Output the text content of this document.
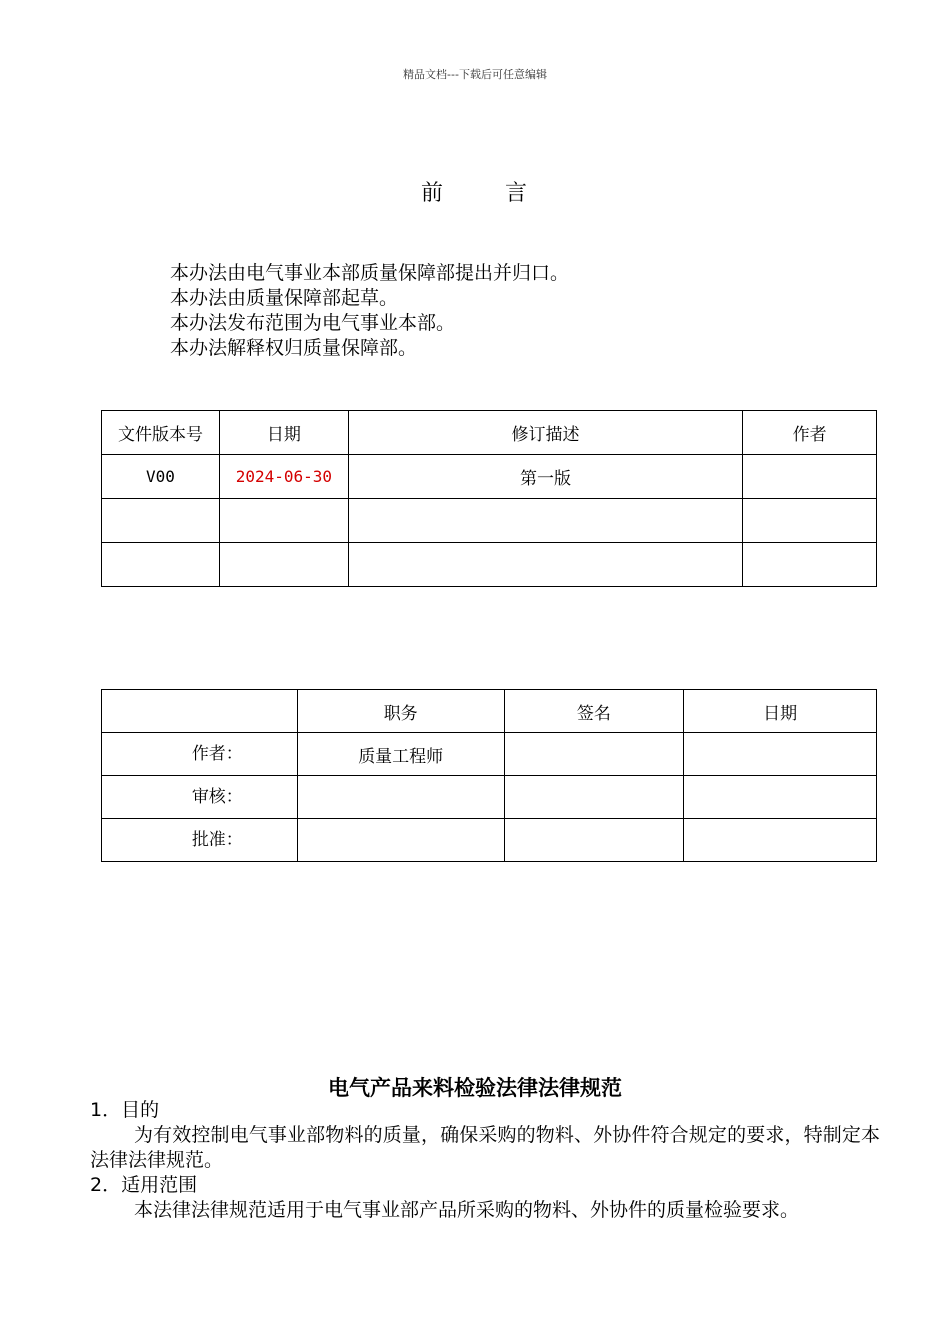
精品文档---下载后可任意编辑
前	言
本办法由电气事业本部质量保障部提出并归口。
本办法由质量保障部起草。
本办法发布范围为电气事业本部。
本办法解释权归质量保障部。
文件版本号	日期	修订描述	作者
V00	2024-06-30	第一版	

	职务	签名	日期
作者：	质量工程师		
审核：			
批准：			
电气产品来料检验法律法律规范

1．目的

为有效控制电气事业部物料的质量，确保采购的物料、外协件符合规定的要求，特制定本法律法律规范。

2．适用范围

本法律法律规范适用于电气事业部产品所采购的物料、外协件的质量检验要求。
